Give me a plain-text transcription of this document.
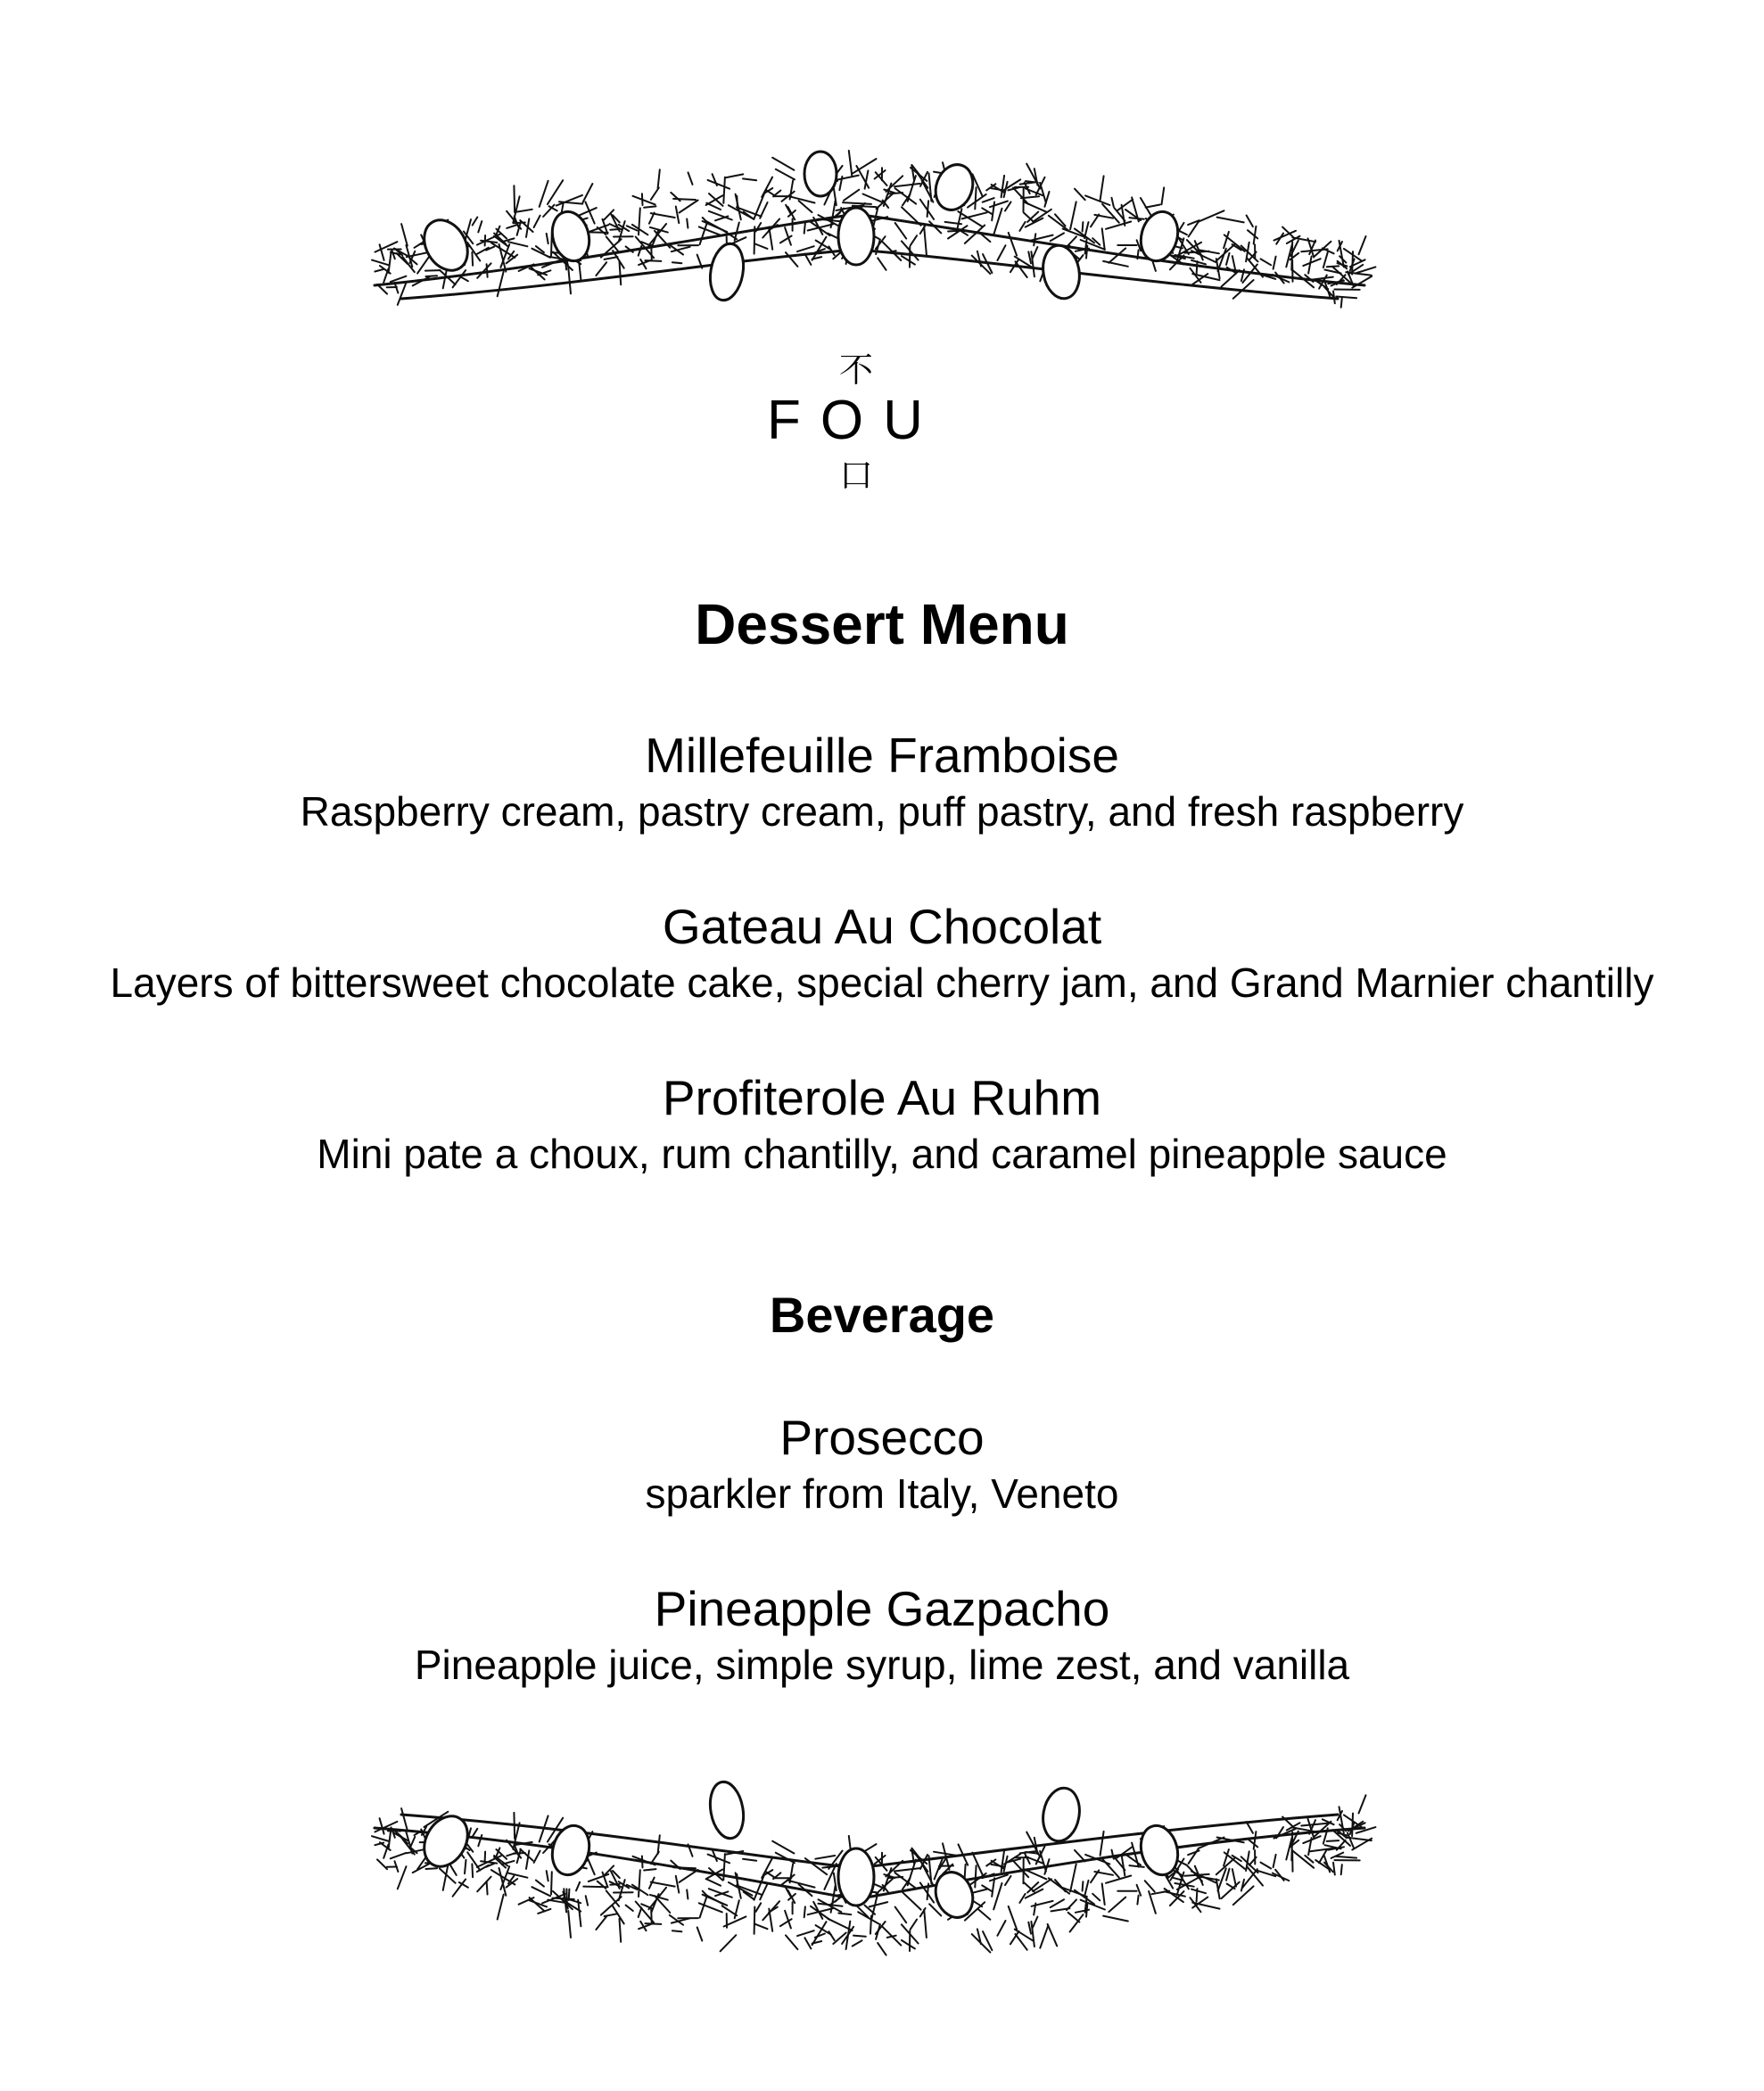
不
FOU
口
Dessert Menu
Millefeuille Framboise
Raspberry cream, pastry cream, puff pastry, and fresh raspberry
Gateau Au Chocolat
Layers of bittersweet chocolate cake, special cherry jam, and Grand Marnier chantilly
Profiterole Au Ruhm
Mini pate a choux, rum chantilly, and caramel pineapple sauce
Beverage
Prosecco
sparkler from Italy, Veneto
Pineapple Gazpacho
Pineapple juice, simple syrup, lime zest, and vanilla
